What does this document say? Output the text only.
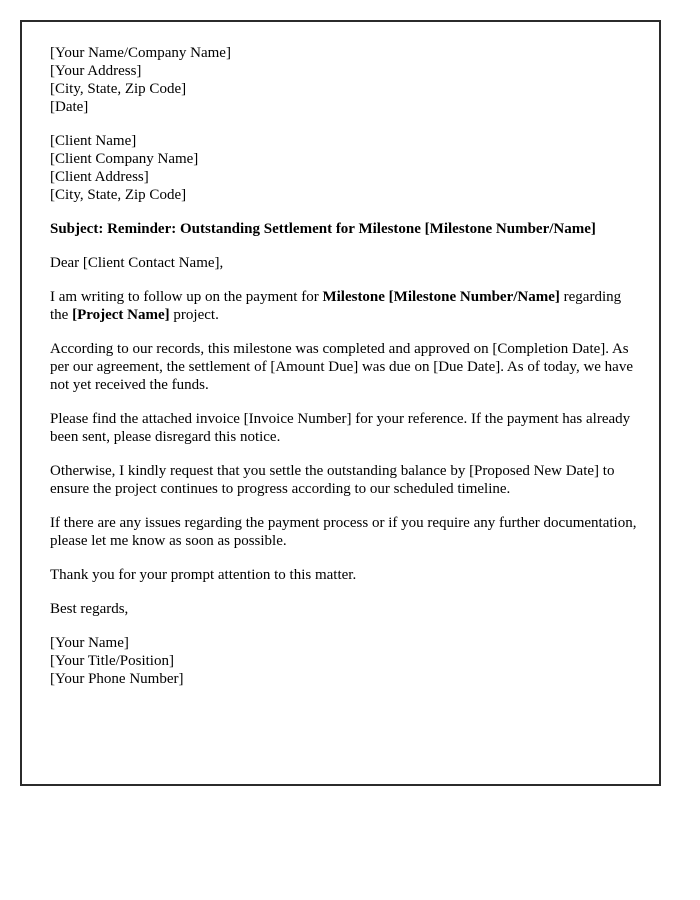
[Your Name/Company Name]
[Your Address]
[City, State, Zip Code]
[Date]
[Client Name]
[Client Company Name]
[Client Address]
[City, State, Zip Code]

Subject: Reminder: Outstanding Settlement for Milestone [Milestone Number/Name]

Dear [Client Contact Name],

I am writing to follow up on the payment for Milestone [Milestone Number/Name] regarding the [Project Name] project.

According to our records, this milestone was completed and approved on [Completion Date]. As per our agreement, the settlement of [Amount Due] was due on [Due Date]. As of today, we have not yet received the funds.

Please find the attached invoice [Invoice Number] for your reference. If the payment has already been sent, please disregard this notice.

Otherwise, I kindly request that you settle the outstanding balance by [Proposed New Date] to ensure the project continues to progress according to our scheduled timeline.

If there are any issues regarding the payment process or if you require any further documentation, please let me know as soon as possible.

Thank you for your prompt attention to this matter.

Best regards,

[Your Name]
[Your Title/Position]
[Your Phone Number]
